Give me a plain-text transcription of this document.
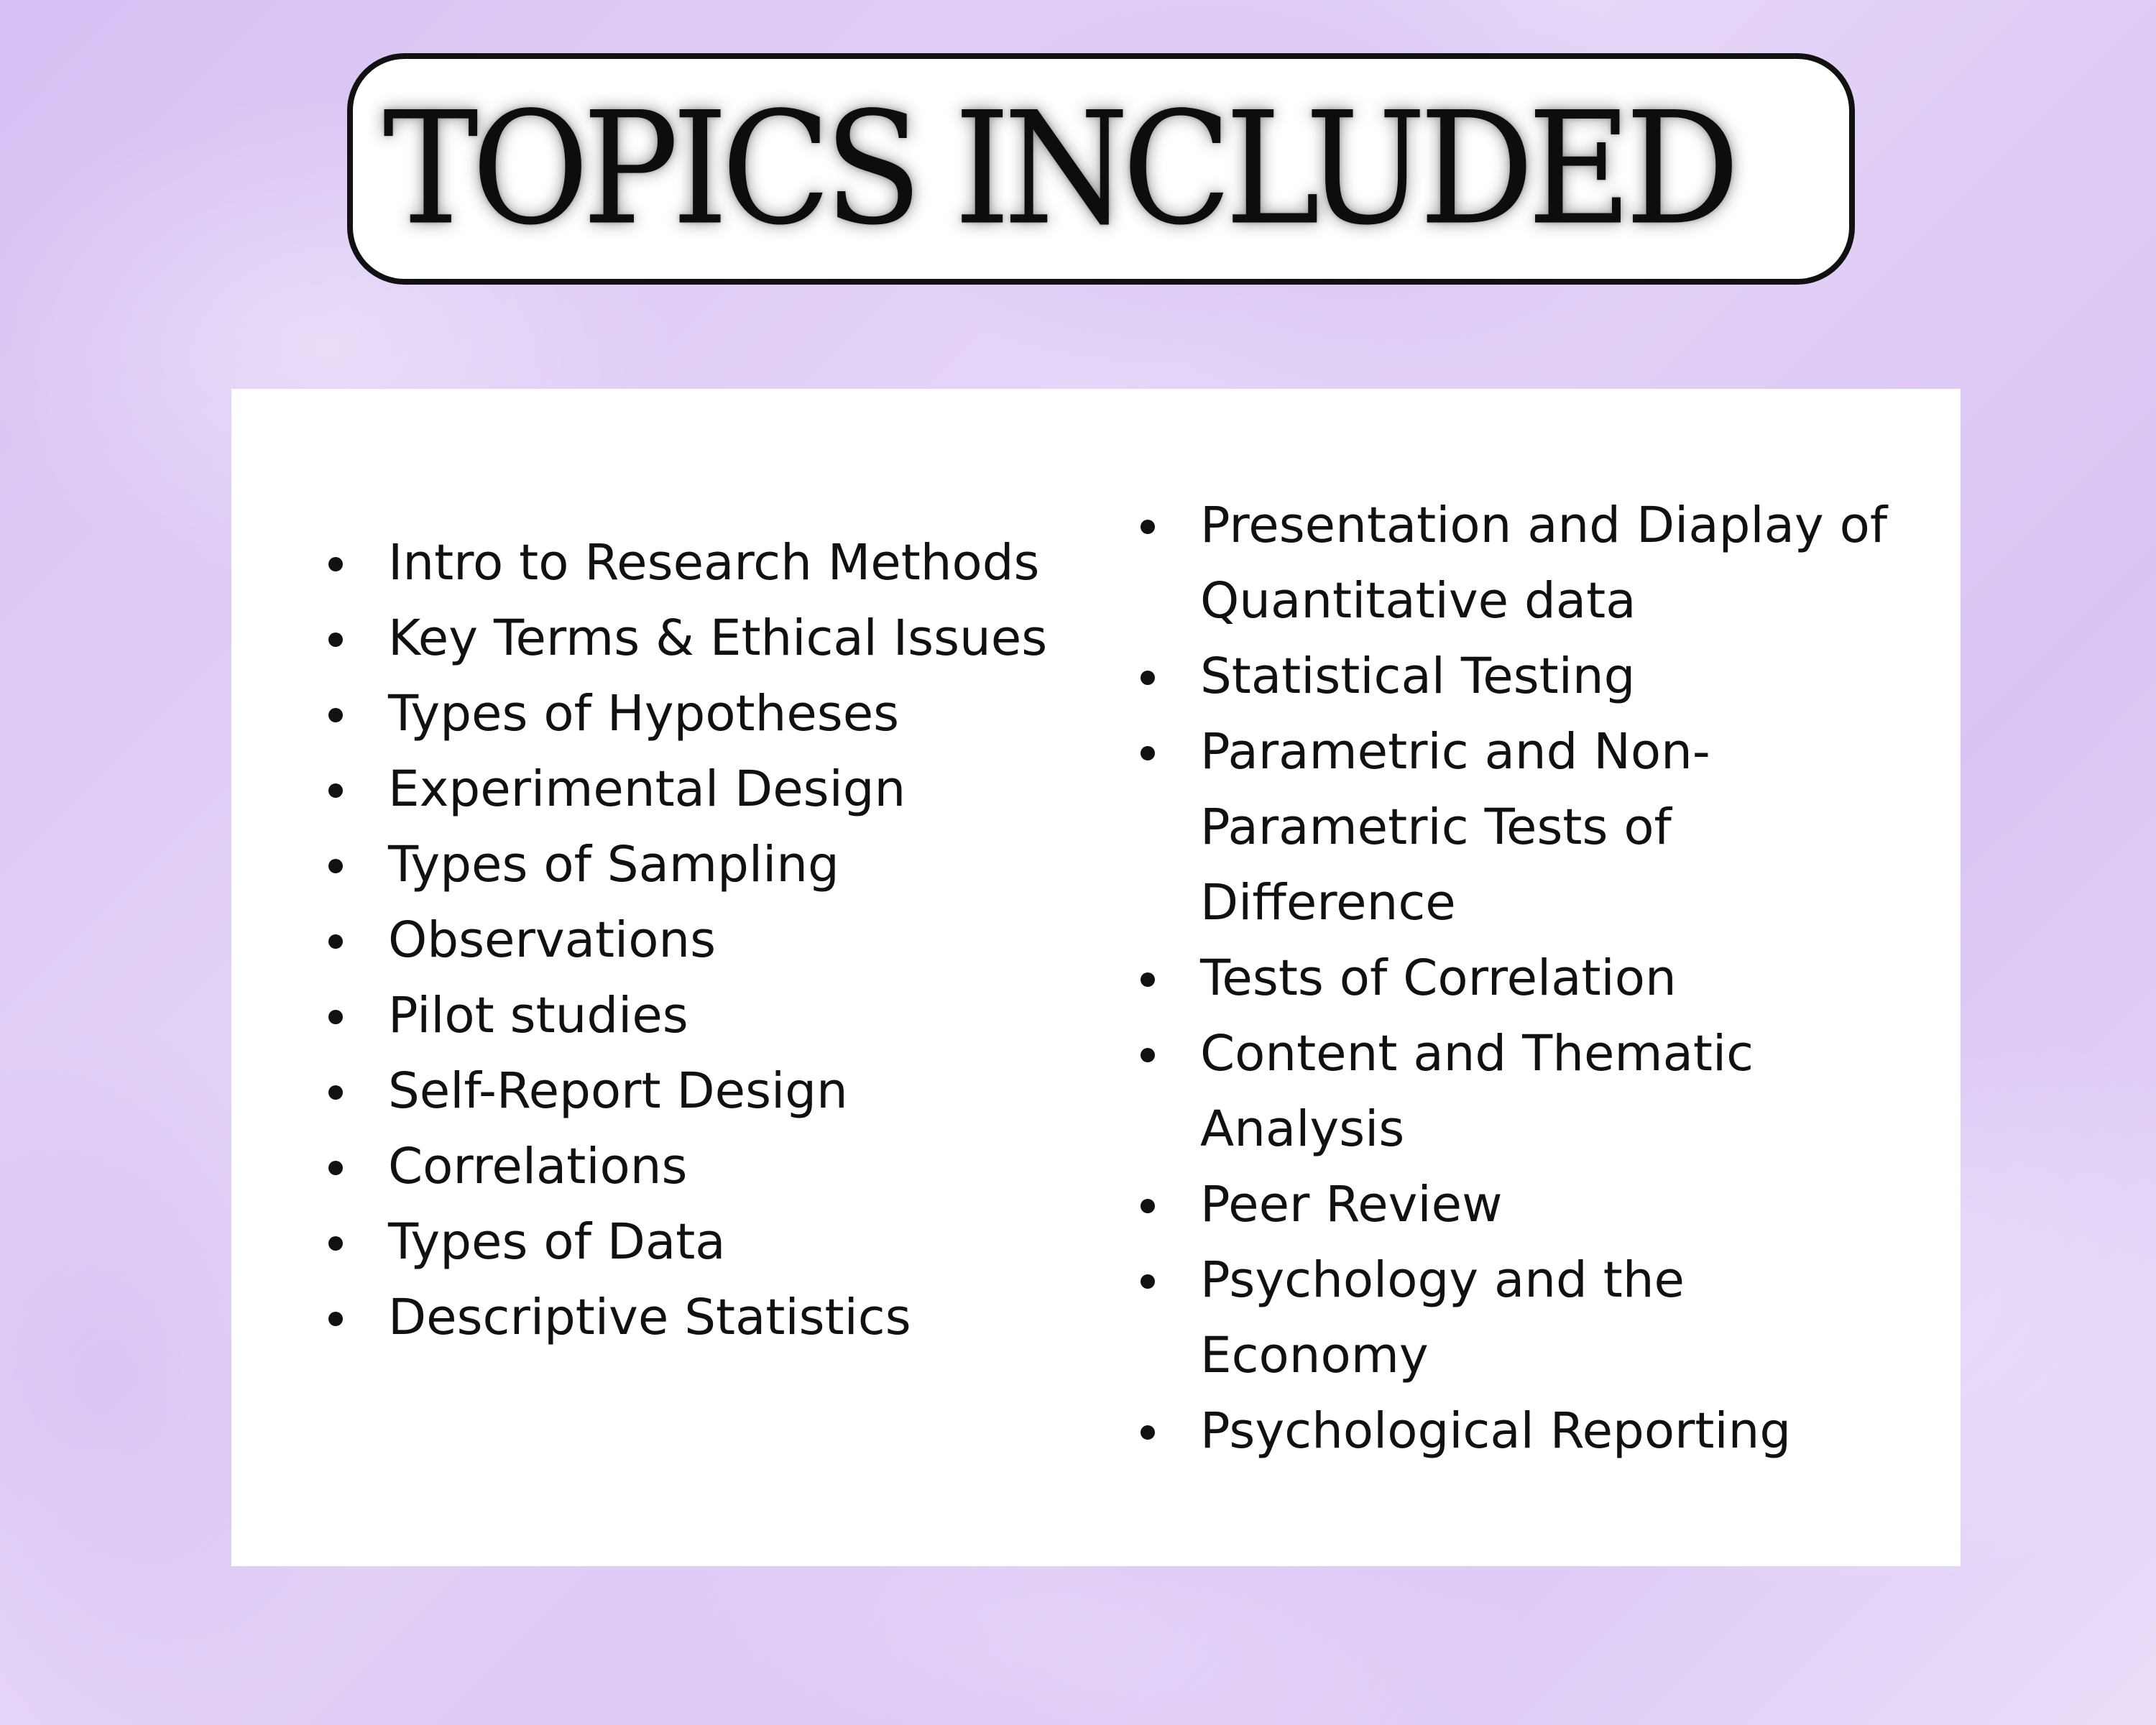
TOPICS INCLUDED
Intro to Research Methods
Key Terms & Ethical Issues
Types of Hypotheses
Experimental Design
Types of Sampling
Observations
Pilot studies
Self-Report Design
Correlations
Types of Data
Descriptive Statistics
Presentation and Diaplay of Quantitative data
Statistical Testing
Parametric and Non-Parametric Tests of Difference
Tests of Correlation
Content and Thematic Analysis
Peer Review
Psychology and the Economy
Psychological Reporting
